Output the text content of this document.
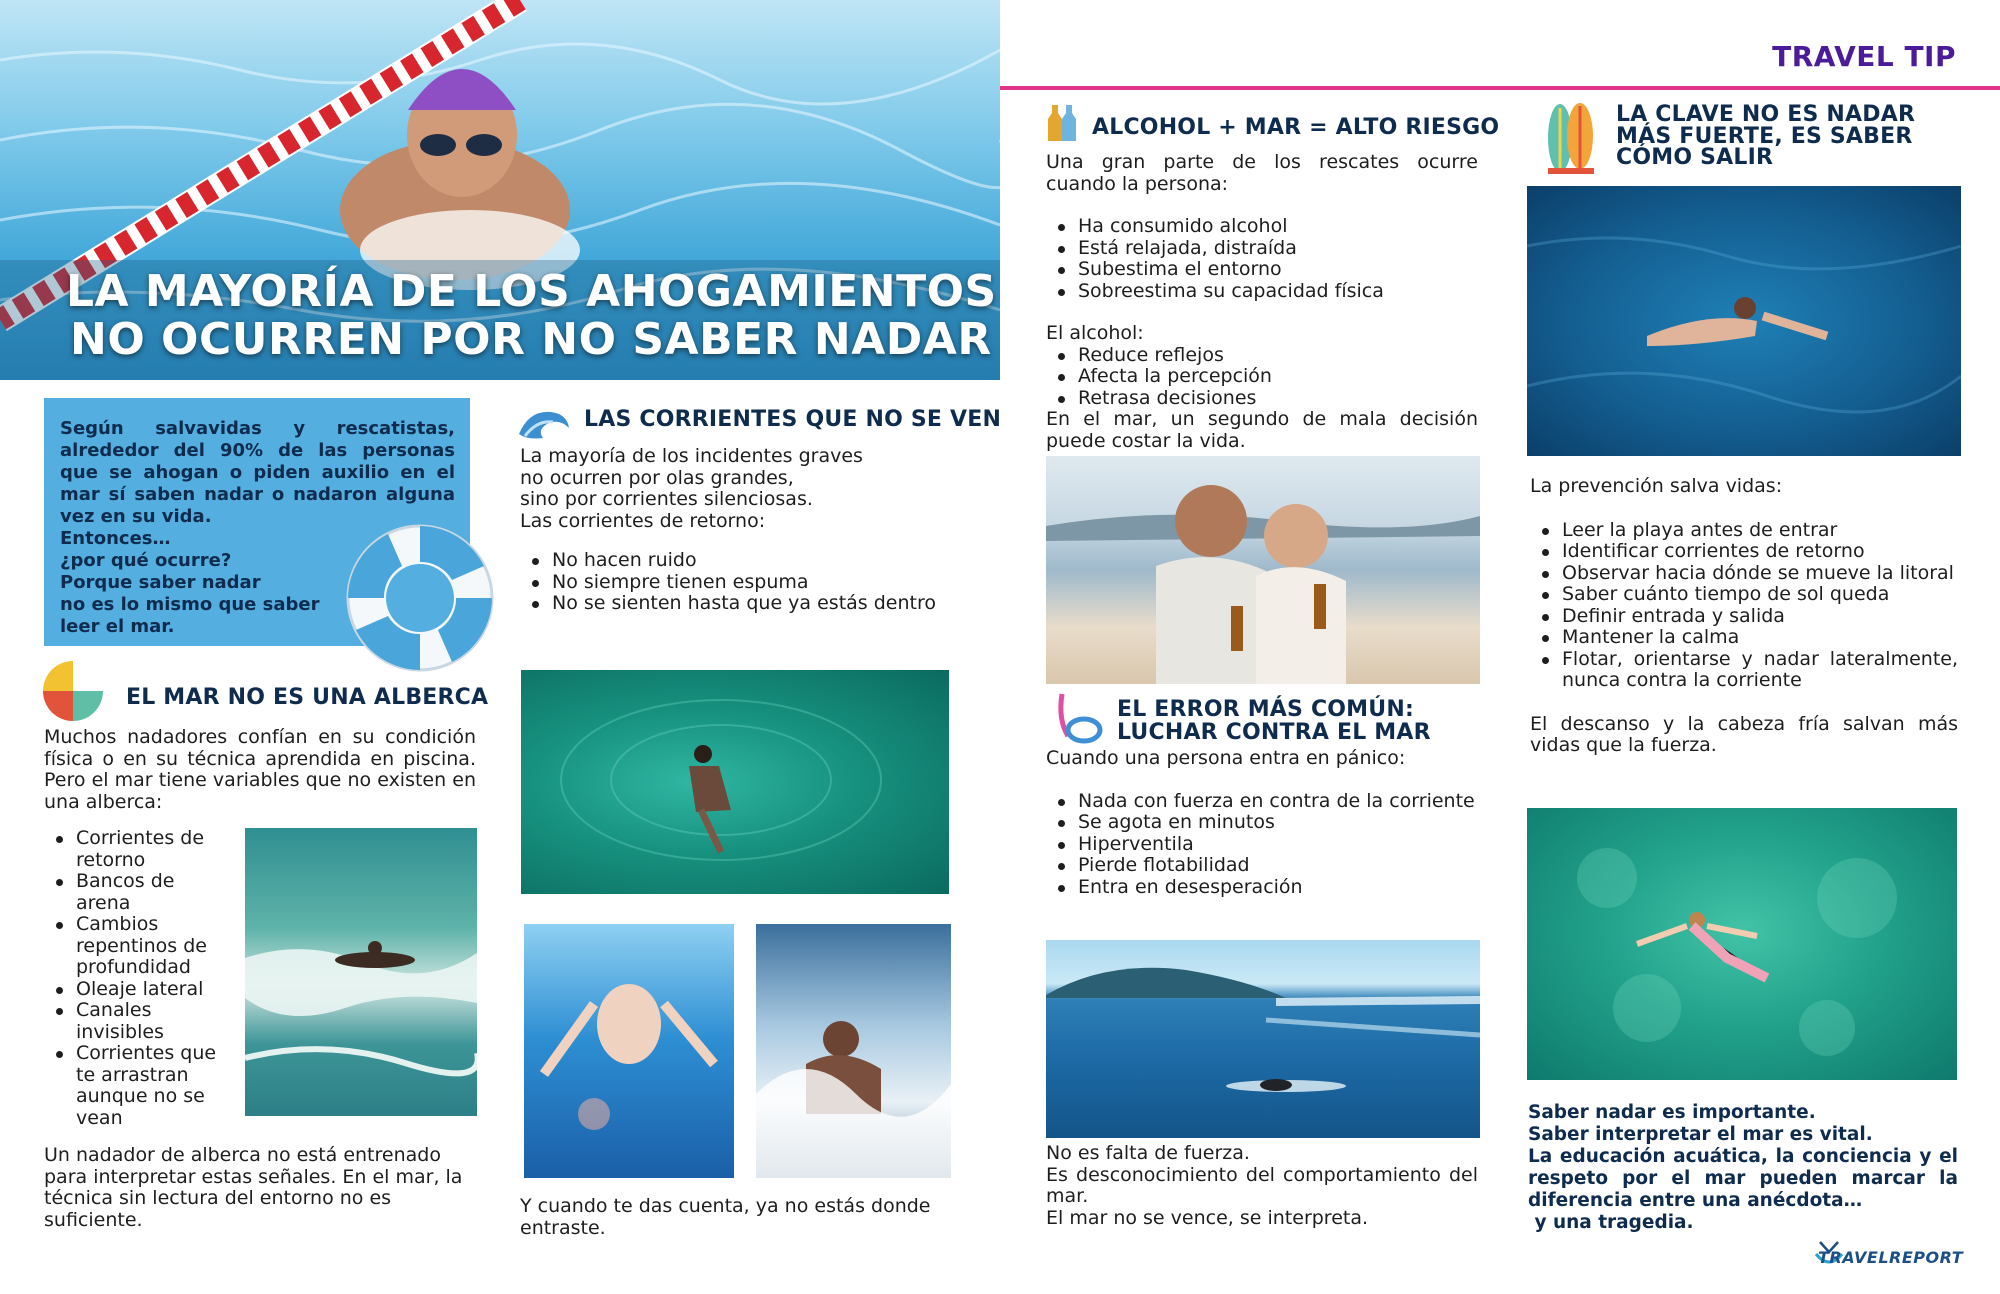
LA MAYORÍA DE LOS AHOGAMIENTOS
NO OCURREN POR NO SABER NADAR

Según salvavidas y rescatistas, alrededor del 90% de las personas que se ahogan o piden auxilio en el mar sí saben nadar o nadaron alguna vez en su vida.

Entonces…

¿por qué ocurre?

Porque saber nadar

no es lo mismo que saber

leer el mar.

EL MAR NO ES UNA ALBERCA
Muchos nadadores confían en su condición física o en su técnica aprendida en piscina. Pero el mar tiene variables que no existen en una alberca:
Corrientes de retorno
Bancos de arena
Cambios repentinos de profundidad
Oleaje lateral
Canales invisibles
Corrientes que te arrastran aunque no se vean
Un nadador de alberca no está entrenado para interpretar estas señales. En el mar, la técnica sin lectura del entorno no es suficiente.
LAS CORRIENTES QUE NO SE VEN

La mayoría de los incidentes graves

no ocurren por olas grandes,

sino por corrientes silenciosas.

Las corrientes de retorno:

No hacen ruido
No siempre tienen espuma
No se sienten hasta que ya estás dentro
Y cuando te das cuenta, ya no estás donde entraste.
TRAVEL TIP
ALCOHOL + MAR = ALTO RIESGO

Una gran parte de los rescates ocurre cuando la persona:

Ha consumido alcohol
Está relajada, distraída
Subestima el entorno
Sobreestima su capacidad física

El alcohol:

Reduce reflejos
Afecta la percepción
Retrasa decisiones

En el mar, un segundo de mala decisión puede costar la vida.

EL ERROR MÁS COMÚN:

LUCHAR CONTRA EL MAR

Cuando una persona entra en pánico:

Nada con fuerza en contra de la corriente
Se agota en minutos
Hiperventila
Pierde flotabilidad
Entra en desesperación

No es falta de fuerza.

Es desconocimiento del comportamiento del mar.

El mar no se vence, se interpreta.

LA CLAVE NO ES NADAR

MÁS FUERTE, ES SABER

CÓMO SALIR

La prevención salva vidas:

Leer la playa antes de entrar
Identificar corrientes de retorno
Observar hacia dónde se mueve la litoral
Saber cuánto tiempo de sol queda
Definir entrada y salida
Mantener la calma
Flotar, orientarse y nadar lateralmente, nunca contra la corriente

El descanso y la cabeza fría salvan más vidas que la fuerza.

Saber nadar es importante.

Saber interpretar el mar es vital.

La educación acuática, la conciencia y el respeto por el mar pueden marcar la diferencia entre una anécdota…

y una tragedia.

TRAVELREPORT
